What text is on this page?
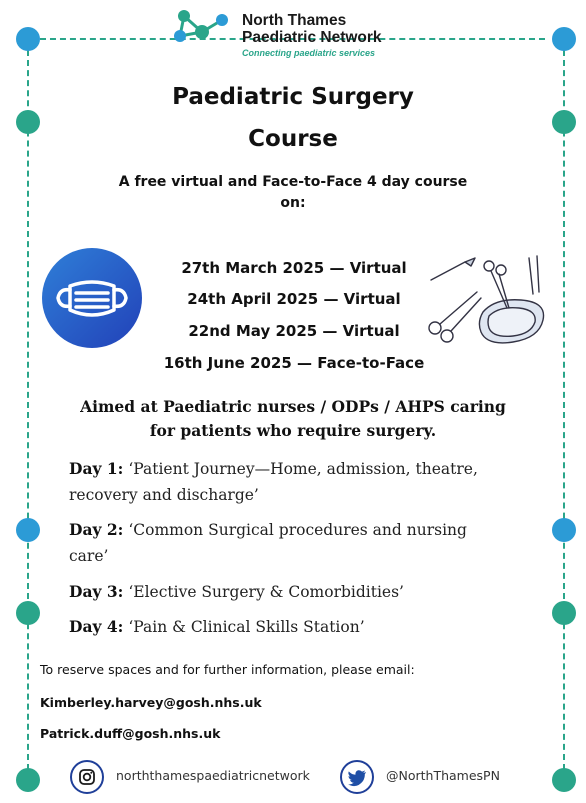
North Thames
Paediatric Network
Connecting paediatric services
Paediatric Surgery
Course
A free virtual and Face-to-Face 4 day course
on:
27th March 2025 — Virtual
24th April 2025 — Virtual
22nd May 2025 — Virtual
16th June 2025 — Face-to-Face
Aimed at Paediatric nurses / ODPs / AHPS caring
for patients who require surgery.
Day 1: ‘Patient Journey—Home, admission, theatre,
recovery and discharge’
Day 2: ‘Common Surgical procedures and nursing
care’
Day 3: ‘Elective Surgery & Comorbidities’
Day 4: ‘Pain & Clinical Skills Station’
To reserve spaces and for further information, please email:
Kimberley.harvey@gosh.nhs.uk
Patrick.duff@gosh.nhs.uk
norththamespaediatricnetwork	@NorthThamesPN
